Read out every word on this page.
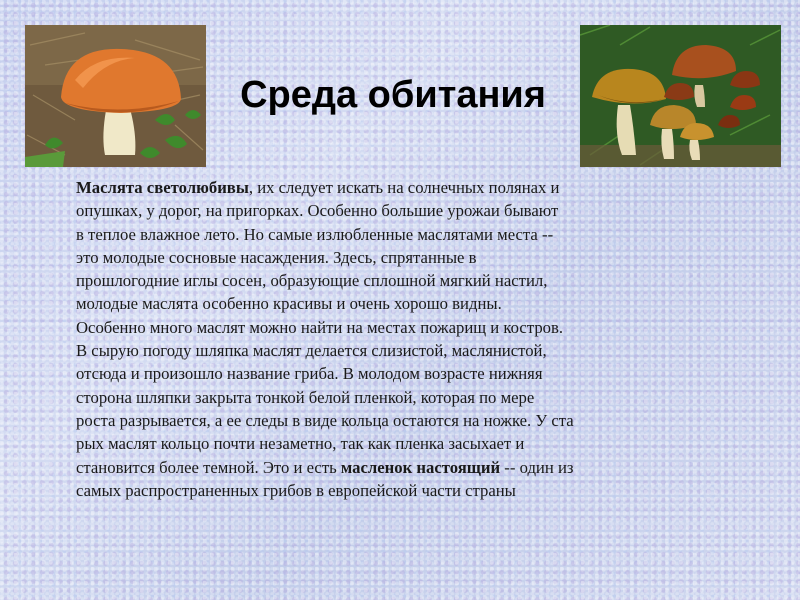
Среда обитания
Маслята светолюбивы, их следует искать на солнечных полянах и
опушках, у дорог, на пригорках. Особенно большие урожаи бывают
в теплое влажное лето. Но самые излюбленные маслятами места --
это молодые сосновые насаждения. Здесь, спрятанные в
прошлогодние иглы сосен, образующие сплошной мягкий настил,
молодые маслята особенно красивы и очень хорошо видны.
Особенно много маслят можно найти на местах пожарищ и костров.
В сырую погоду шляпка маслят делается слизистой, маслянистой,
отсюда и произошло название гриба. В молодом возрасте нижняя
сторона шляпки закрыта тонкой белой пленкой, которая по мере
роста разрывается, а ее следы в виде кольца остаются на ножке. У ста
рых маслят кольцо почти незаметно, так как пленка засыхает и
становится более темной. Это и есть масленок настоящий -- один из
самых распространенных грибов в европейской части страны
